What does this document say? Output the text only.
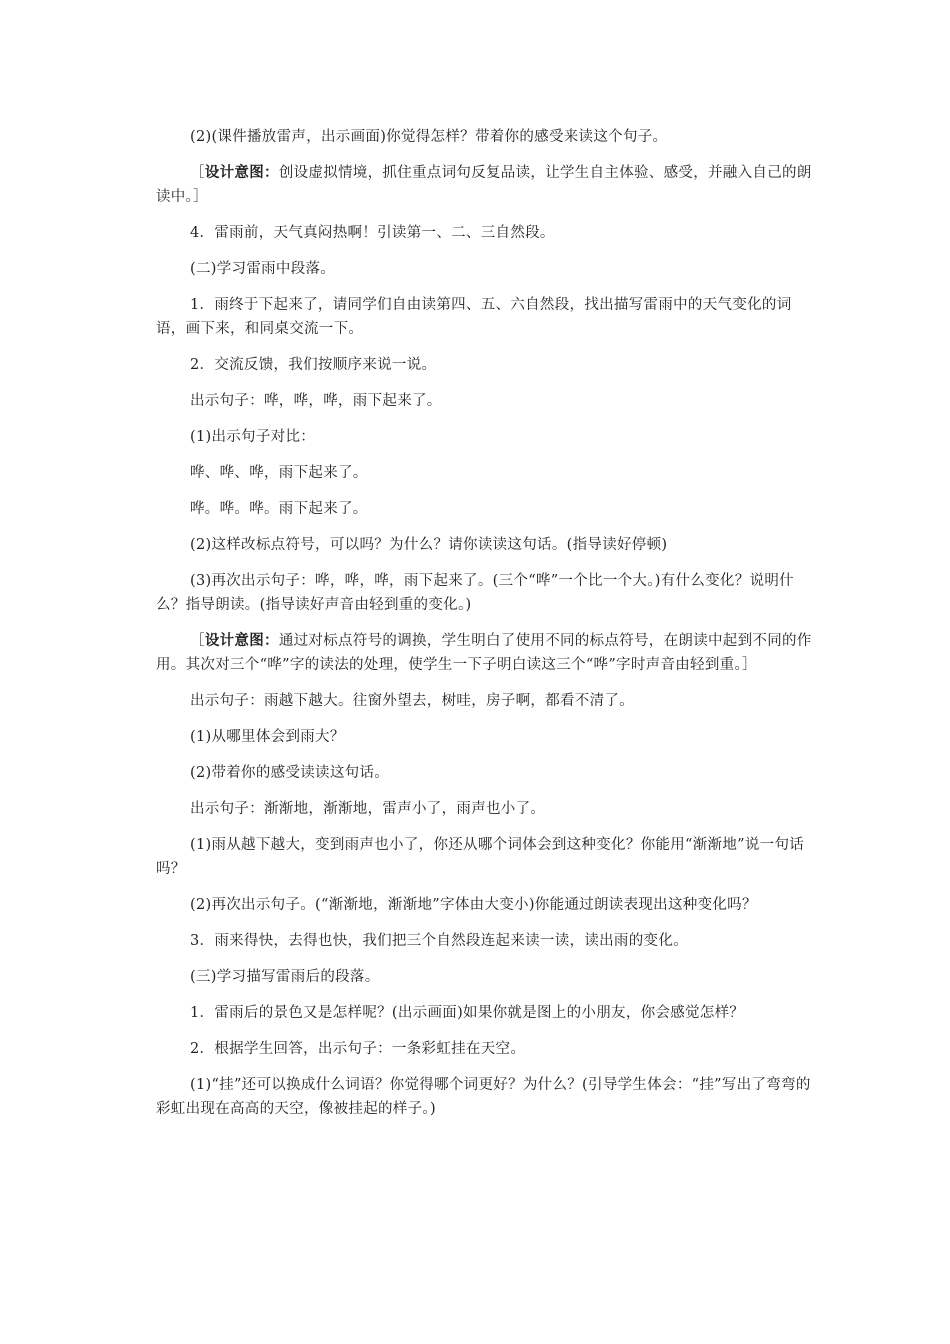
(2)(课件播放雷声，出示画面)你觉得怎样？带着你的感受来读这个句子。

［设计意图：创设虚拟情境，抓住重点词句反复品读，让学生自主体验、感受，并融入自己的朗读中。］

4．雷雨前，天气真闷热啊！引读第一、二、三自然段。

(二)学习雷雨中段落。

1．雨终于下起来了，请同学们自由读第四、五、六自然段，找出描写雷雨中的天气变化的词语，画下来，和同桌交流一下。

2．交流反馈，我们按顺序来说一说。

出示句子：哗，哗，哗，雨下起来了。

(1)出示句子对比：

哗、哗、哗，雨下起来了。

哗。哗。哗。雨下起来了。

(2)这样改标点符号，可以吗？为什么？请你读读这句话。(指导读好停顿)

(3)再次出示句子：哗，哗，哗，雨下起来了。(三个“哗”一个比一个大。)有什么变化？说明什么？指导朗读。(指导读好声音由轻到重的变化。)

［设计意图：通过对标点符号的调换，学生明白了使用不同的标点符号，在朗读中起到不同的作用。其次对三个“哗”字的读法的处理，使学生一下子明白读这三个“哗”字时声音由轻到重。］

出示句子：雨越下越大。往窗外望去，树哇，房子啊，都看不清了。

(1)从哪里体会到雨大？

(2)带着你的感受读读这句话。

出示句子：渐渐地，渐渐地，雷声小了，雨声也小了。

(1)雨从越下越大，变到雨声也小了，你还从哪个词体会到这种变化？你能用“渐渐地”说一句话吗？

(2)再次出示句子。(“渐渐地，渐渐地”字体由大变小)你能通过朗读表现出这种变化吗？

3．雨来得快，去得也快，我们把三个自然段连起来读一读，读出雨的变化。

(三)学习描写雷雨后的段落。

1．雷雨后的景色又是怎样呢？(出示画面)如果你就是图上的小朋友，你会感觉怎样？

2．根据学生回答，出示句子：一条彩虹挂在天空。

(1)“挂”还可以换成什么词语？你觉得哪个词更好？为什么？(引导学生体会：“挂”写出了弯弯的彩虹出现在高高的天空，像被挂起的样子。)
